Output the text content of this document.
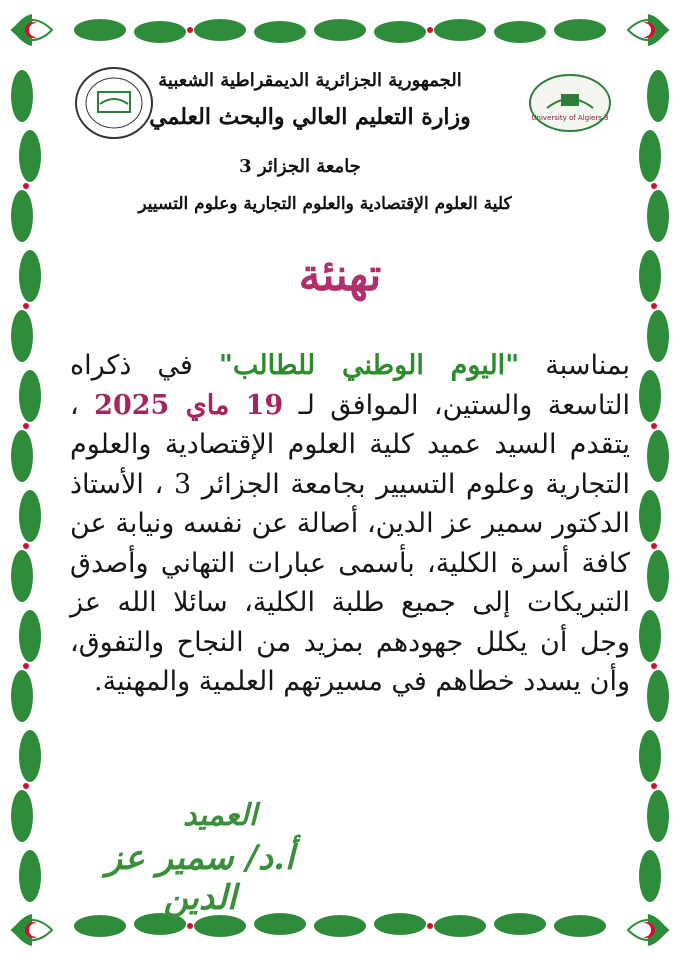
University of Algiers 3
الجمهورية الجزائرية الديمقراطية الشعبية
وزارة التعليم العالي والبحث العلمي
جامعة الجزائر 3
كلية العلوم الإقتصادية والعلوم التجارية وعلوم التسيير
تهنئة
بمناسبة "اليوم الوطني للطالب" في ذكراه التاسعة والستين، الموافق لـ 19 ماي 2025 ، يتقدم السيد عميد كلية العلوم الإقتصادية والعلوم التجارية وعلوم التسيير بجامعة الجزائر 3 ، الأستاذ الدكتور سمير عز الدين، أصالة عن نفسه ونيابة عن كافة أسرة الكلية، بأسمى عبارات التهاني وأصدق التبريكات إلى جميع طلبة الكلية، سائلا الله عز وجل أن يكلل جهودهم بمزيد من النجاح والتفوق، وأن يسدد خطاهم في مسيرتهم العلمية والمهنية.
العميد
أ.د/ سمير عز الدين
